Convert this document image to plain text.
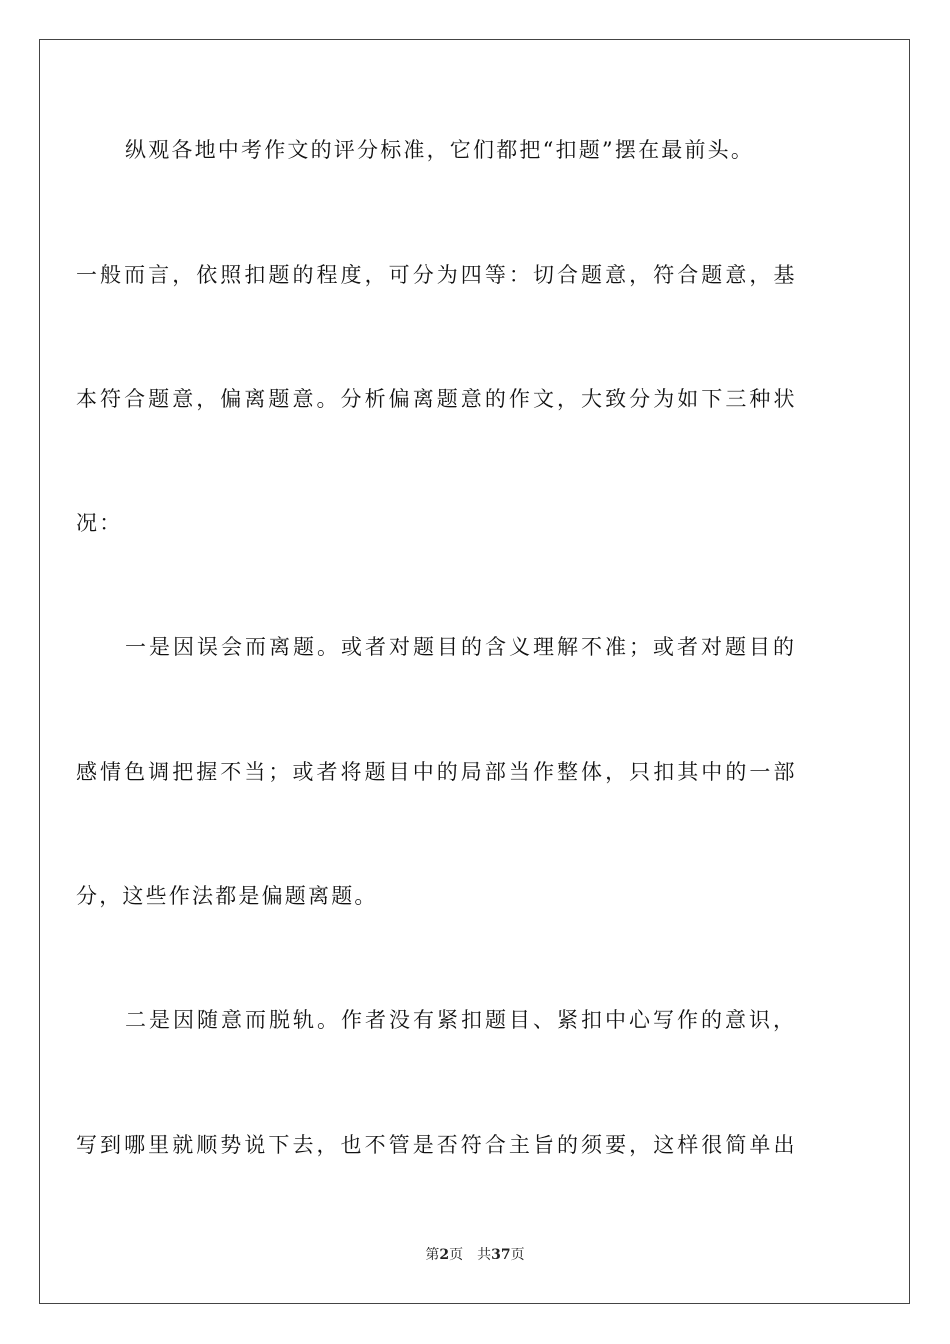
纵观各地中考作文的评分标准，它们都把“扣题”摆在最前头。
一般而言，依照扣题的程度，可分为四等：切合题意，符合题意，基
本符合题意，偏离题意。分析偏离题意的作文，大致分为如下三种状
况：
一是因误会而离题。或者对题目的含义理解不准；或者对题目的
感情色调把握不当；或者将题目中的局部当作整体，只扣其中的一部
分，这些作法都是偏题离题。
二是因随意而脱轨。作者没有紧扣题目、紧扣中心写作的意识，
写到哪里就顺势说下去，也不管是否符合主旨的须要，这样很简单出
第2页 共37页
